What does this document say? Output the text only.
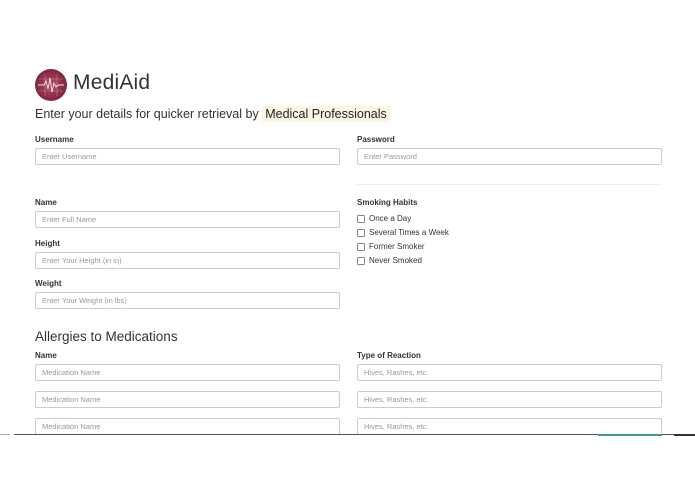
MediAid
Enter your details for quicker retrieval by Medical Professionals
Username
Enter Username	Password
Name
Enter Full Name
Height
Enter Your Height (in in)
Weight
Enter Your Weight (in lbs)
Smoking Habits
Once a Day
Several Times a Week
Former Smoker
Never Smoked
Allergies to Medications
Name	Type of Reaction
Medication Name
Hives, Rashes, etc.
Medication Name
Hives, Rashes, etc.
Medication Name
Hives, Rashes, etc.
